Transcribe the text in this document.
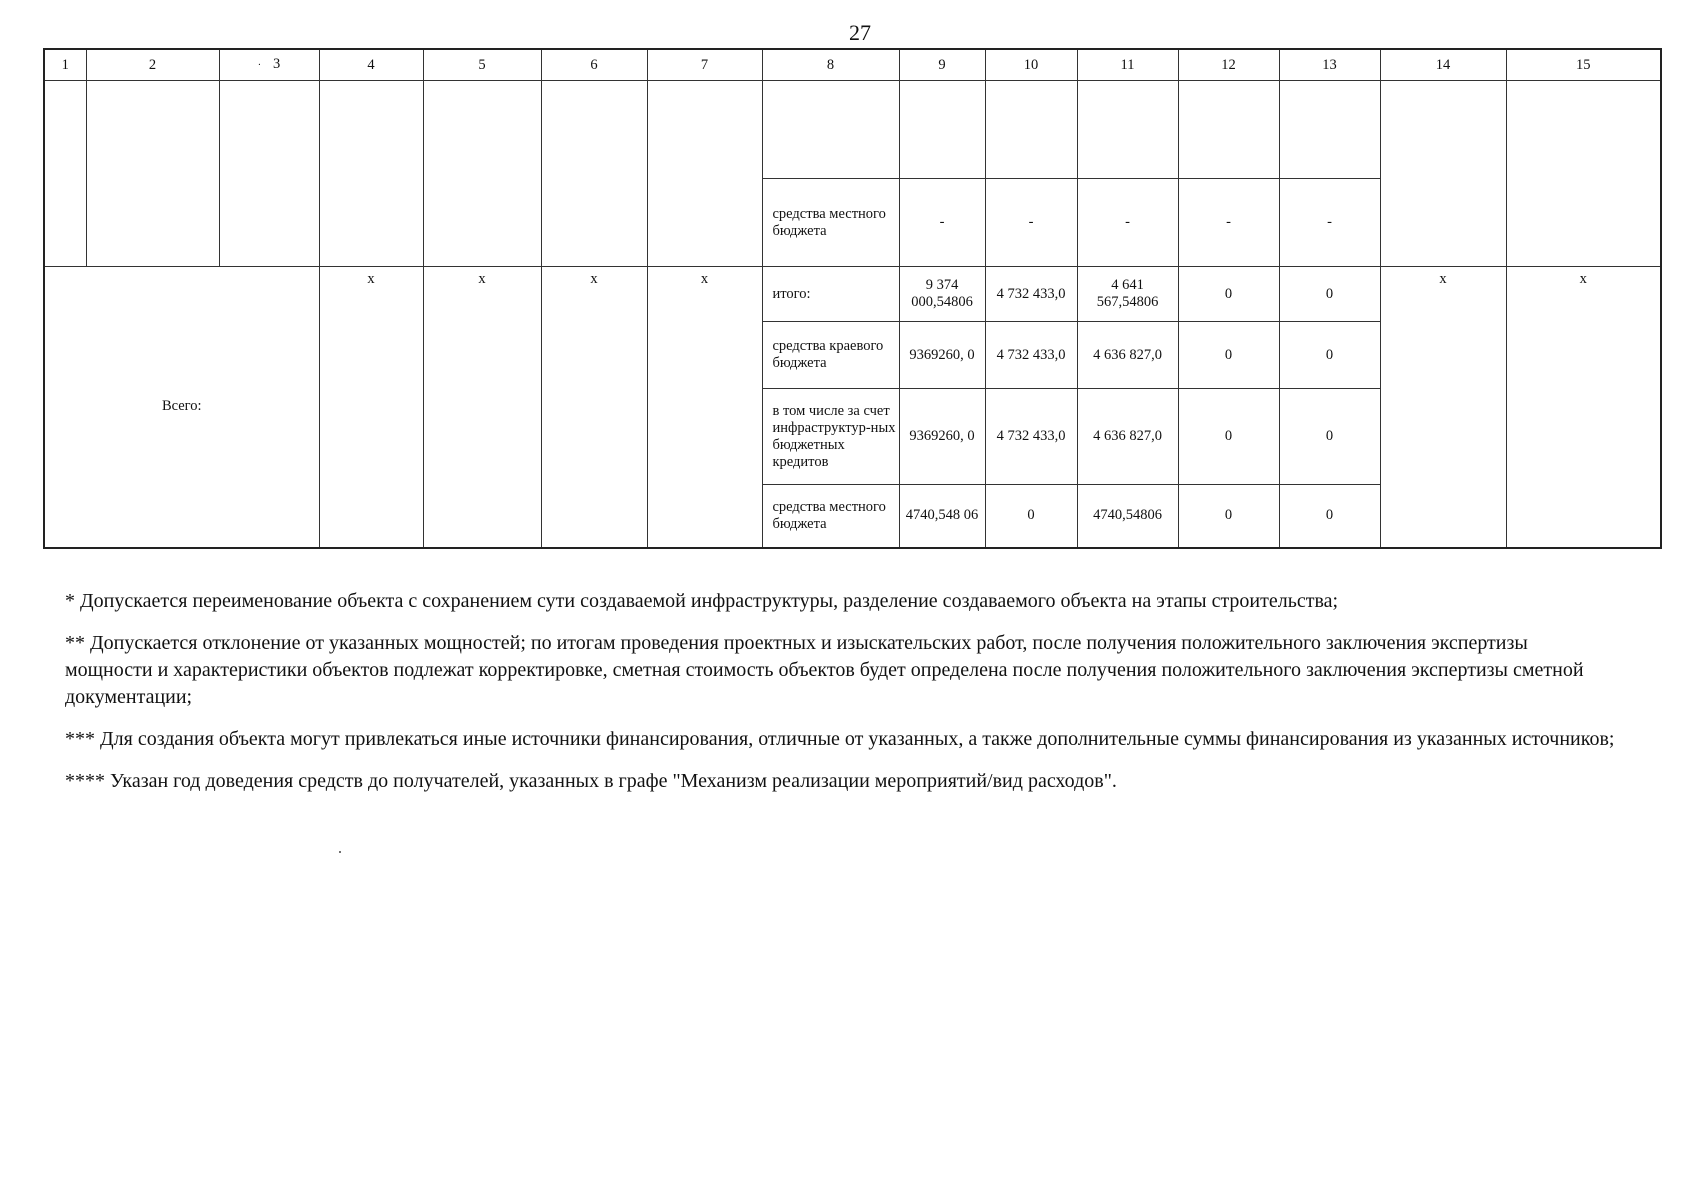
27
1	2	· 3	4	5	6	7	8	9	10	11	12	13	14	15

							средства местного бюджета	-	-	-	-	-		
Всего:			х	х	х	х	итого:	9 374 000,54806	4 732 433,0	4 641 567,54806	0	0	х	х
							средства краевого бюджета	9369260, 0	4 732 433,0	4 636 827,0	0	0		
							в том числе за счет инфраструктур-ных бюджетных кредитов	9369260, 0	4 732 433,0	4 636 827,0	0	0		
							средства местного бюджета	4740,548 06	0	4740,54806	0	0		

* Допускается переименование объекта с сохранением сути создаваемой инфраструктуры, разделение создаваемого объекта на этапы строительства;

** Допускается отклонение от указанных мощностей; по итогам проведения проектных и изыскательских работ, после получения положительного заключения экспертизы мощности и характеристики объектов подлежат корректировке, сметная стоимость объектов будет определена после получения положительного заключения экспертизы сметной документации;

*** Для создания объекта могут привлекаться иные источники финансирования, отличные от указанных, а также дополнительные суммы финансирования из указанных источников;

**** Указан год доведения средств до получателей, указанных в графе "Механизм реализации мероприятий/вид расходов".
